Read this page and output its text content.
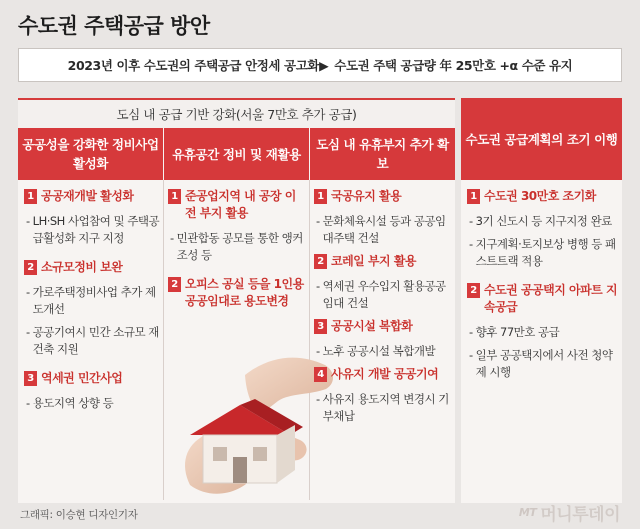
수도권 주택공급 방안
2023년 이후 수도권의 주택공급 안정세 공고화▶ 수도권 주택 공급량 年 25만호 +α 수준 유지
도심 내 공급 기반 강화(서울 7만호 추가 공급)
공공성을 강화한 정비사업 활성화
유휴공간 정비 및 재활용
도심 내 유휴부지 추가 확보
수도권 공급계획의 조기 이행
1 공공재개발 활성화
- LH·SH 사업참여 및 주택공급활성화 지구 지정
2 소규모정비 보완
- 가로주택정비사업 추가 제도개선
- 공공기여시 민간 소규모 재건축 지원
3 역세권 민간사업
- 용도지역 상향 등
1 준공업지역 내 공장 이전 부지 활용
- 민관합동 공모를 통한 앵커조성 등
2 오피스 공실 등을 1인용 공공임대로 용도변경
1 국공유지 활용
- 문화체육시설 등과 공공임대주택 건설
2 코레일 부지 활용
- 역세권 우수입지 활용공공임대 건설
3 공공시설 복합화
- 노후 공공시설 복합개발
4 사유지 개발 공공기여
- 사유지 용도지역 변경시 기부채납
1 수도권 30만호 조기화
- 3기 신도시 등 지구지정 완료
- 지구계획·토지보상 병행 등 패스트트랙 적용
2 수도권 공공택지 아파트 지속공급
- 향후 77만호 공급
- 일부 공공택지에서 사전 청약제 시행
그래픽: 이승현 디자인기자	MT 머니투데이
